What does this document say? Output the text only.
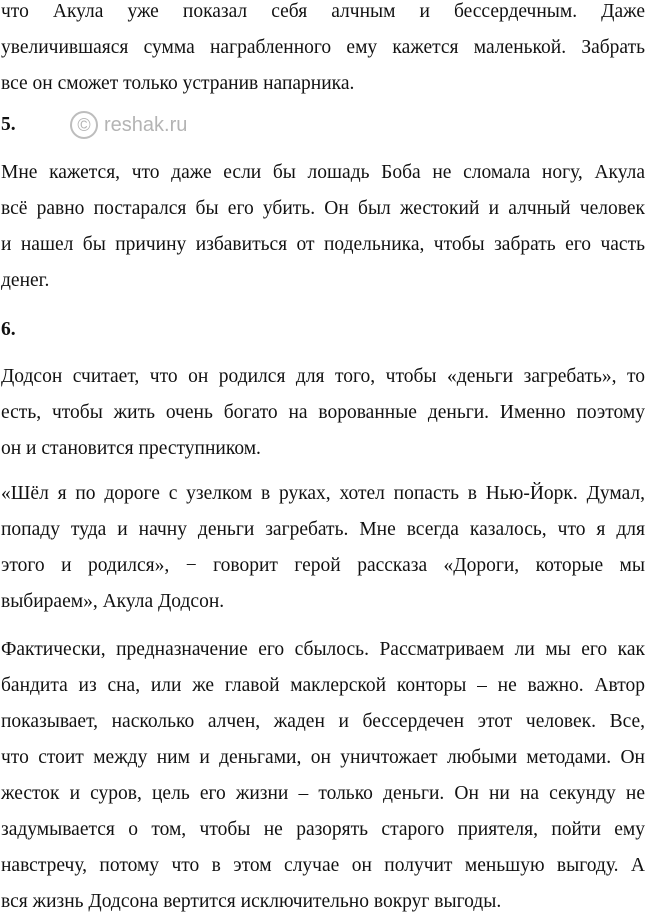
что Акула уже показал себя алчным и бессердечным. Даже
увеличившаяся сумма награбленного ему кажется маленькой. Забрать
все он сможет только устранив напарника.
5.
Мне кажется, что даже если бы лошадь Боба не сломала ногу, Акула
всё равно постарался бы его убить. Он был жестокий и алчный человек
и нашел бы причину избавиться от подельника, чтобы забрать его часть
денег.
6.
Додсон считает, что он родился для того, чтобы «деньги загребать», то
есть, чтобы жить очень богато на ворованные деньги. Именно поэтому
он и становится преступником.
«Шёл я по дороге с узелком в руках, хотел попасть в Нью-Йорк. Думал,
попаду туда и начну деньги загребать. Мне всегда казалось, что я для
этого и родился», − говорит герой рассказа «Дороги, которые мы
выбираем», Акула Додсон.
Фактически, предназначение его сбылось. Рассматриваем ли мы его как
бандита из сна, или же главой маклерской конторы – не важно. Автор
показывает, насколько алчен, жаден и бессердечен этот человек. Все,
что стоит между ним и деньгами, он уничтожает любыми методами. Он
жесток и суров, цель его жизни – только деньги. Он ни на секунду не
задумывается о том, чтобы не разорять старого приятеля, пойти ему
навстречу, потому что в этом случае он получит меньшую выгоду. А
вся жизнь Додсона вертится исключительно вокруг выгоды.
© reshak.ru
